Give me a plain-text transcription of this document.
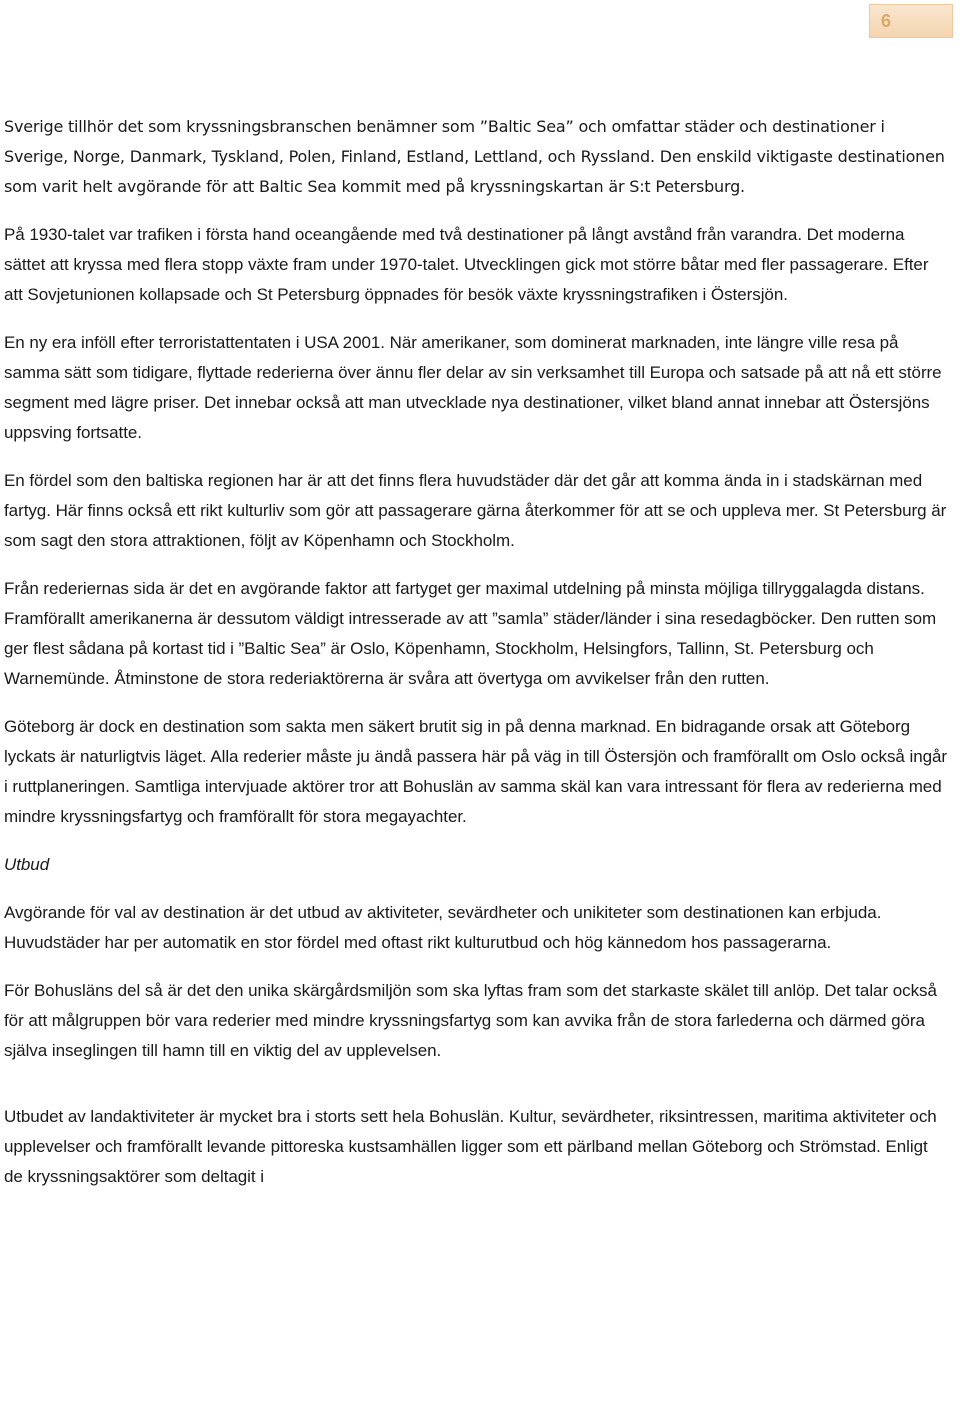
6

Sverige tillhör det som kryssningsbranschen benämner som ”Baltic Sea” och omfattar städer och destinationer i Sverige, Norge, Danmark, Tyskland, Polen, Finland, Estland, Lettland, och Ryssland. Den enskild viktigaste destinationen som varit helt avgörande för att Baltic Sea kommit med på kryssningskartan är S:t Petersburg.

På 1930-talet var trafiken i första hand oceangående med två destinationer på långt avstånd från varandra. Det moderna sättet att kryssa med flera stopp växte fram under 1970-talet. Utvecklingen gick mot större båtar med fler passagerare. Efter att Sovjetunionen kollapsade och St Petersburg öppnades för besök växte kryssningstrafiken i Östersjön.

En ny era inföll efter terroristattentaten i USA 2001. När amerikaner, som dominerat marknaden, inte längre ville resa på samma sätt som tidigare, flyttade rederierna över ännu fler delar av sin verksamhet till Europa och satsade på att nå ett större segment med lägre priser. Det innebar också att man utvecklade nya destinationer, vilket bland annat innebar att Östersjöns uppsving fortsatte.

En fördel som den baltiska regionen har är att det finns flera huvudstäder där det går att komma ända in i stadskärnan med fartyg. Här finns också ett rikt kulturliv som gör att passagerare gärna återkommer för att se och uppleva mer. St Petersburg är som sagt den stora attraktionen, följt av Köpenhamn och Stockholm.

Från rederiernas sida är det en avgörande faktor att fartyget ger maximal utdelning på minsta möjliga tillryggalagda distans. Framförallt amerikanerna är dessutom väldigt intresserade av att ”samla” städer/länder i sina resedagböcker. Den rutten som ger flest sådana på kortast tid i ”Baltic Sea” är Oslo, Köpenhamn, Stockholm, Helsingfors, Tallinn, St. Petersburg och Warnemünde. Åtminstone de stora rederiaktörerna är svåra att övertyga om avvikelser från den rutten.

Göteborg är dock en destination som sakta men säkert brutit sig in på denna marknad. En bidragande orsak att Göteborg lyckats är naturligtvis läget. Alla rederier måste ju ändå passera här på väg in till Östersjön och framförallt om Oslo också ingår i ruttplaneringen. Samtliga intervjuade aktörer tror att Bohuslän av samma skäl kan vara intressant för flera av rederierna med mindre kryssningsfartyg och framförallt för stora megayachter.

Utbud

Avgörande för val av destination är det utbud av aktiviteter, sevärdheter och unikiteter som destinationen kan erbjuda. Huvudstäder har per automatik en stor fördel med oftast rikt kulturutbud och hög kännedom hos passagerarna.

För Bohusläns del så är det den unika skärgårdsmiljön som ska lyftas fram som det starkaste skälet till anlöp. Det talar också för att målgruppen bör vara rederier med mindre kryssningsfartyg som kan avvika från de stora farlederna och därmed göra själva inseglingen till hamn till en viktig del av upplevelsen.

Utbudet av landaktiviteter är mycket bra i storts sett hela Bohuslän. Kultur, sevärdheter, riksintressen, maritima aktiviteter och upplevelser och framförallt levande pittoreska kustsamhällen ligger som ett pärlband mellan Göteborg och Strömstad. Enligt de kryssningsaktörer som deltagit i
